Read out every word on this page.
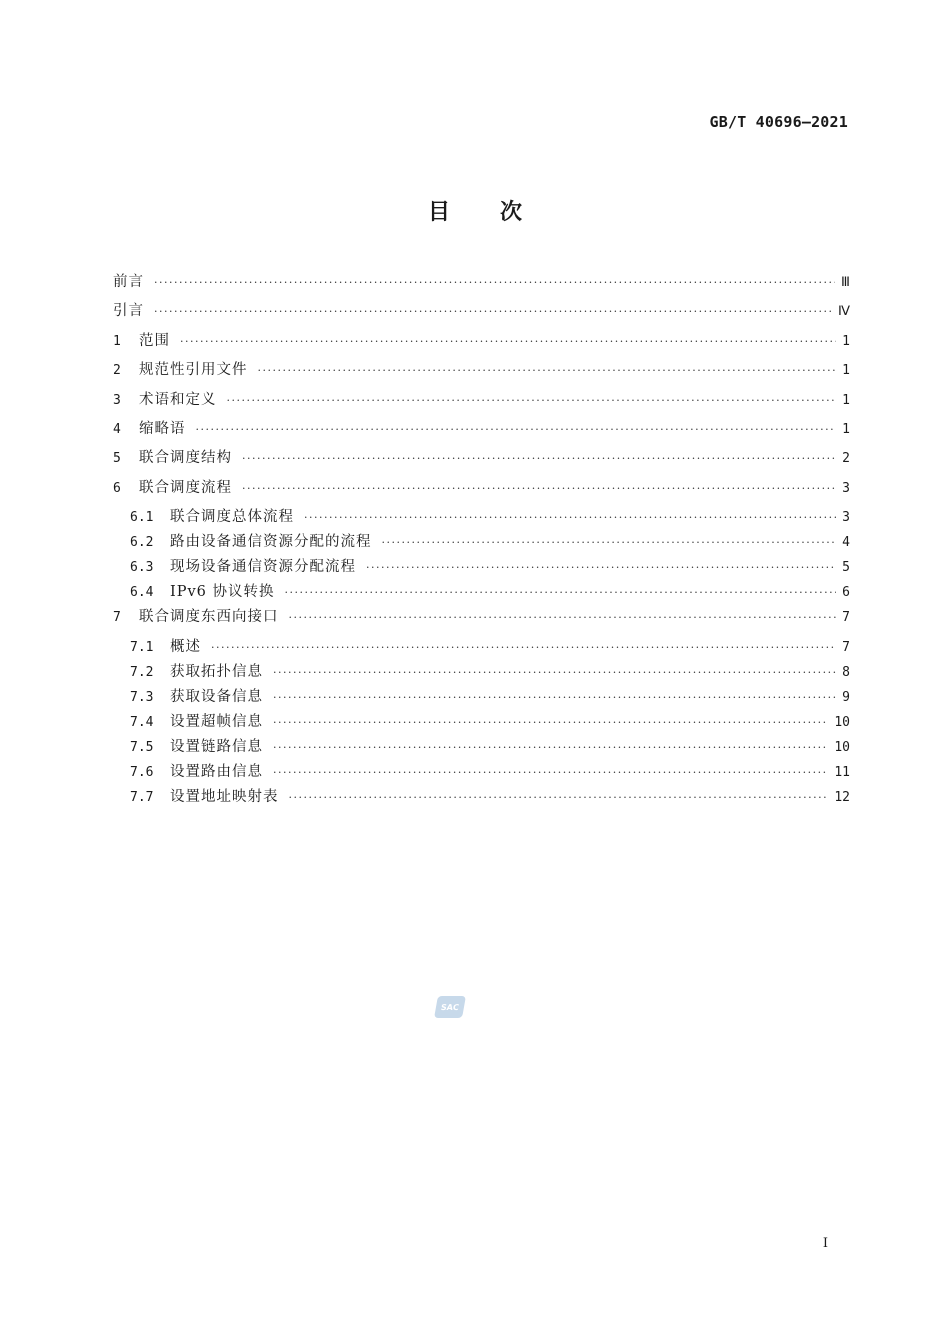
GB/T 40696—2021
目次
前言 ·····	Ⅲ
引言 ·····	Ⅳ
1	范围 ·····	1
2	规范性引用文件 ·····	1
3	术语和定义 ·····	1
4	缩略语 ·····	1
5	联合调度结构 ·····	2
6	联合调度流程 ·····	3
6.1	联合调度总体流程 ·····	3
6.2	路由设备通信资源分配的流程 ·····	4
6.3	现场设备通信资源分配流程 ·····	5
6.4	IPv6 协议转换 ·····	6
7	联合调度东西向接口 ·····	7
7.1	概述 ·····	7
7.2	获取拓扑信息 ·····	8
7.3	获取设备信息 ·····	9
7.4	设置超帧信息 ·····	10
7.5	设置链路信息 ·····	10
7.6	设置路由信息 ·····	11
7.7	设置地址映射表 ·····	12
SAC
I
